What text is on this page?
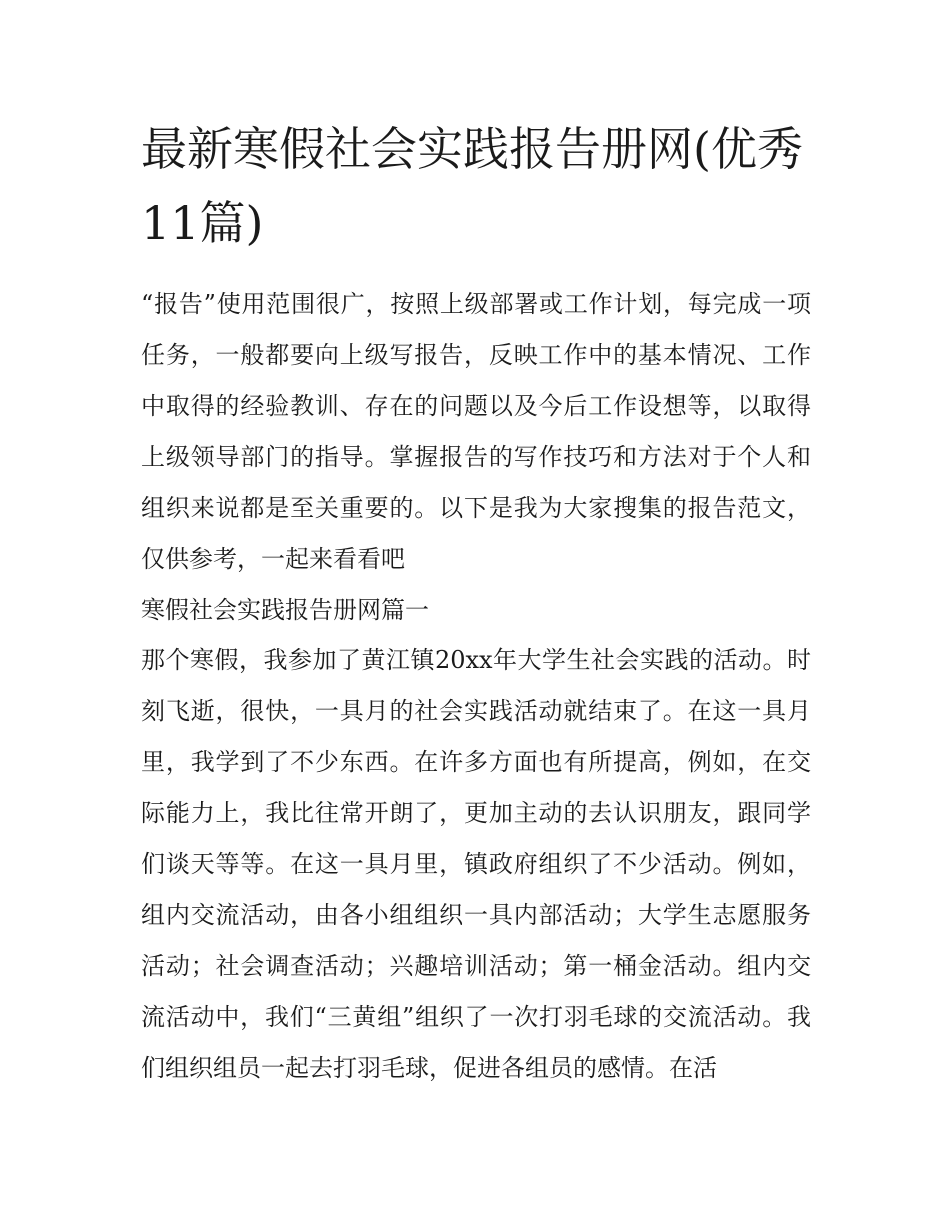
最新寒假社会实践报告册网(优秀11篇)

“报告”使用范围很广，按照上级部署或工作计划，每完成一项任务，一般都要向上级写报告，反映工作中的基本情况、工作中取得的经验教训、存在的问题以及今后工作设想等，以取得上级领导部门的指导。掌握报告的写作技巧和方法对于个人和组织来说都是至关重要的。以下是我为大家搜集的报告范文，仅供参考，一起来看看吧

寒假社会实践报告册网篇一

那个寒假，我参加了黄江镇20xx年大学生社会实践的活动。时刻飞逝，很快，一具月的社会实践活动就结束了。在这一具月里，我学到了不少东西。在许多方面也有所提高，例如，在交际能力上，我比往常开朗了，更加主动的去认识朋友，跟同学们谈天等等。在这一具月里，镇政府组织了不少活动。例如，组内交流活动，由各小组组织一具内部活动；大学生志愿服务活动；社会调查活动；兴趣培训活动；第一桶金活动。组内交流活动中，我们“三黄组”组织了一次打羽毛球的交流活动。我们组织组员一起去打羽毛球，促进各组员的感情。在活
